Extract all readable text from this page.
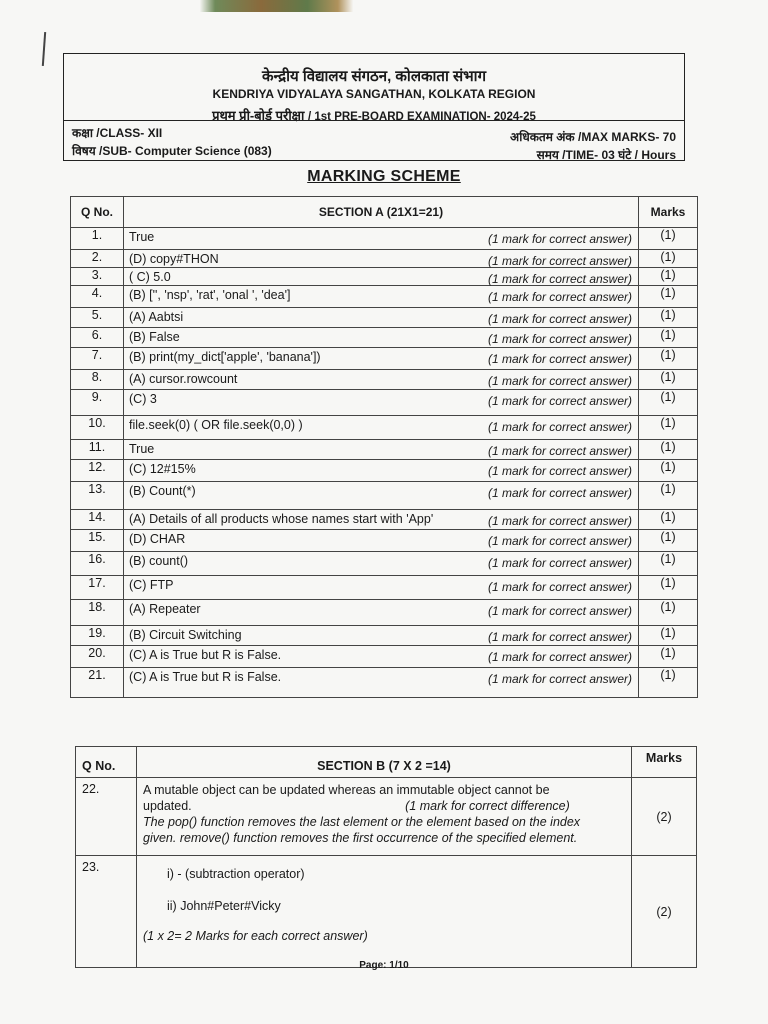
केन्द्रीय विद्यालय संगठन, कोलकाता संभाग
KENDRIYA VIDYALAYA SANGATHAN, KOLKATA REGION
प्रथम प्री-बोर्ड परीक्षा / 1st PRE-BOARD EXAMINATION- 2024-25
कक्षा /CLASS- XII	अधिकतम अंक /MAX MARKS- 70
विषय /SUB- Computer Science (083)	समय /TIME- 03 घंटे / Hours
MARKING SCHEME
Q No.	SECTION A (21X1=21)	Marks
1.	True (1 mark for correct answer)	(1)
2.	(D) copy#THON (1 mark for correct answer)	(1)
3.	( C) 5.0 (1 mark for correct answer)	(1)
4.	(B) ['', 'nsp', 'rat', 'onal ', 'dea'] (1 mark for correct answer)	(1)
5.	(A) Aabtsi (1 mark for correct answer)	(1)
6.	(B) False (1 mark for correct answer)	(1)
7.	(B) print(my_dict['apple', 'banana']) (1 mark for correct answer)	(1)
8.	(A) cursor.rowcount (1 mark for correct answer)	(1)
9.	(C) 3 (1 mark for correct answer)	(1)
10.	file.seek(0) ( OR file.seek(0,0) ) (1 mark for correct answer)	(1)
11.	True (1 mark for correct answer)	(1)
12.	(C) 12#15% (1 mark for correct answer)	(1)
13.	(B) Count(*) (1 mark for correct answer)	(1)
14.	(A) Details of all products whose names start with 'App' (1 mark for correct answer)	(1)
15.	(D) CHAR (1 mark for correct answer)	(1)
16.	(B) count() (1 mark for correct answer)	(1)
17.	(C) FTP (1 mark for correct answer)	(1)
18.	(A) Repeater (1 mark for correct answer)	(1)
19.	(B) Circuit Switching (1 mark for correct answer)	(1)
20.	(C) A is True but R is False. (1 mark for correct answer)	(1)
21.	(C) A is True but R is False. (1 mark for correct answer)	(1)
Q No.	SECTION B (7 X 2 =14)	Marks
22.	A mutable object can be updated whereas an immutable object cannot be
updated. (1 mark for correct difference)
The pop() function removes the last element or the element based on the index
given. remove() function removes the first occurrence of the specified element.	(2)
23.	i) - (subtraction operator)
ii) John#Peter#Vicky
(1 x 2= 2 Marks for each correct answer)	(2)
Page: 1/10
